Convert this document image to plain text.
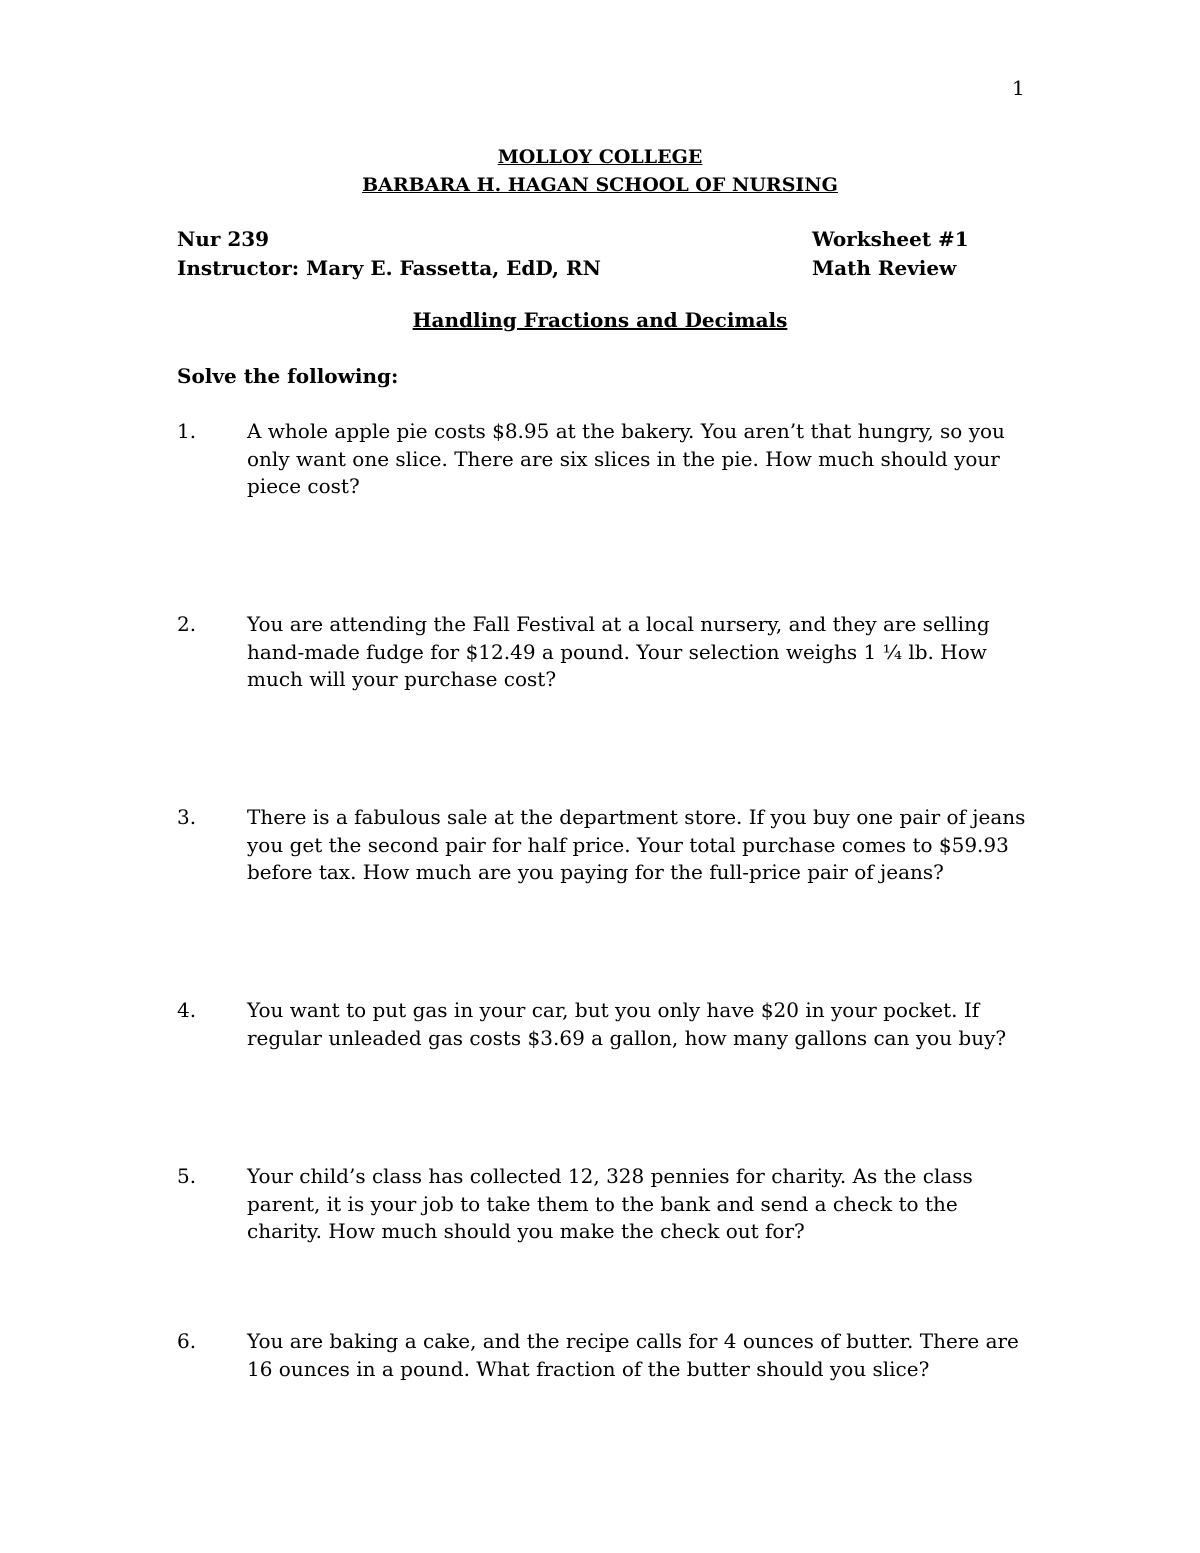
1
MOLLOY COLLEGE
BARBARA H. HAGAN SCHOOL OF NURSING
Nur 239
Instructor: Mary E. Fassetta, EdD, RN
Worksheet #1
Math Review
Handling Fractions and Decimals
Solve the following:
1.	A whole apple pie costs $8.95 at the bakery. You aren’t that hungry, so you only want one slice. There are six slices in the pie. How much should your piece cost?
2.	You are attending the Fall Festival at a local nursery, and they are selling hand-made fudge for $12.49 a pound. Your selection weighs 1 ¼ lb. How much will your purchase cost?
3.	There is a fabulous sale at the department store. If you buy one pair of jeans you get the second pair for half price. Your total purchase comes to $59.93 before tax. How much are you paying for the full-price pair of jeans?
4.	You want to put gas in your car, but you only have $20 in your pocket. If regular unleaded gas costs $3.69 a gallon, how many gallons can you buy?
5.	Your child’s class has collected 12, 328 pennies for charity. As the class parent, it is your job to take them to the bank and send a check to the charity. How much should you make the check out for?
6.	You are baking a cake, and the recipe calls for 4 ounces of butter. There are 16 ounces in a pound. What fraction of the butter should you slice?
